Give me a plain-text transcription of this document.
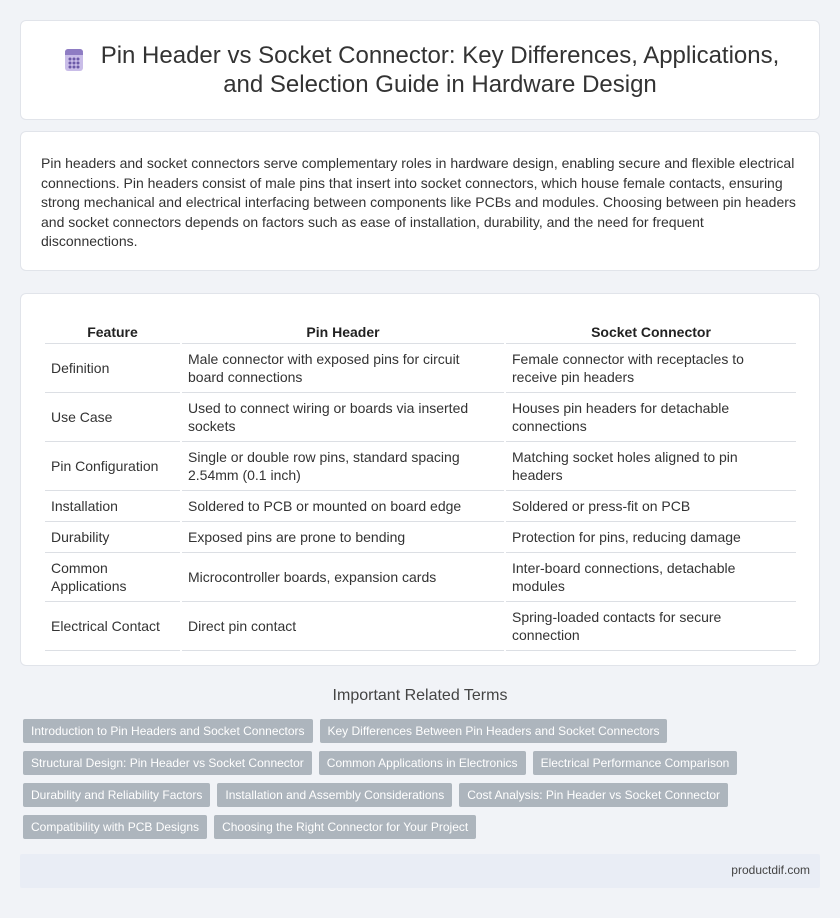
Pin Header vs Socket Connector: Key Differences, Applications,
and Selection Guide in Hardware Design

Pin headers and socket connectors serve complementary roles in hardware design, enabling secure and flexible electrical connections. Pin headers consist of male pins that insert into socket connectors, which house female contacts, ensuring strong mechanical and electrical interfacing between components like PCBs and modules. Choosing between pin headers and socket connectors depends on factors such as ease of installation, durability, and the need for frequent disconnections.

Feature	Pin Header	Socket Connector
Definition	Male connector with exposed pins for circuit board connections	Female connector with receptacles to receive pin headers
Use Case	Used to connect wiring or boards via inserted sockets	Houses pin headers for detachable connections
Pin Configuration	Single or double row pins, standard spacing 2.54mm (0.1 inch)	Matching socket holes aligned to pin headers
Installation	Soldered to PCB or mounted on board edge	Soldered or press-fit on PCB
Durability	Exposed pins are prone to bending	Protection for pins, reducing damage
Common Applications	Microcontroller boards, expansion cards	Inter-board connections, detachable modules
Electrical Contact	Direct pin contact	Spring-loaded contacts for secure connection
Important Related Terms
Introduction to Pin Headers and Socket Connectors	Key Differences Between Pin Headers and Socket Connectors
Structural Design: Pin Header vs Socket Connector	Common Applications in Electronics	Electrical Performance Comparison
Durability and Reliability Factors	Installation and Assembly Considerations	Cost Analysis: Pin Header vs Socket Connector
Compatibility with PCB Designs	Choosing the Right Connector for Your Project
productdif.com
